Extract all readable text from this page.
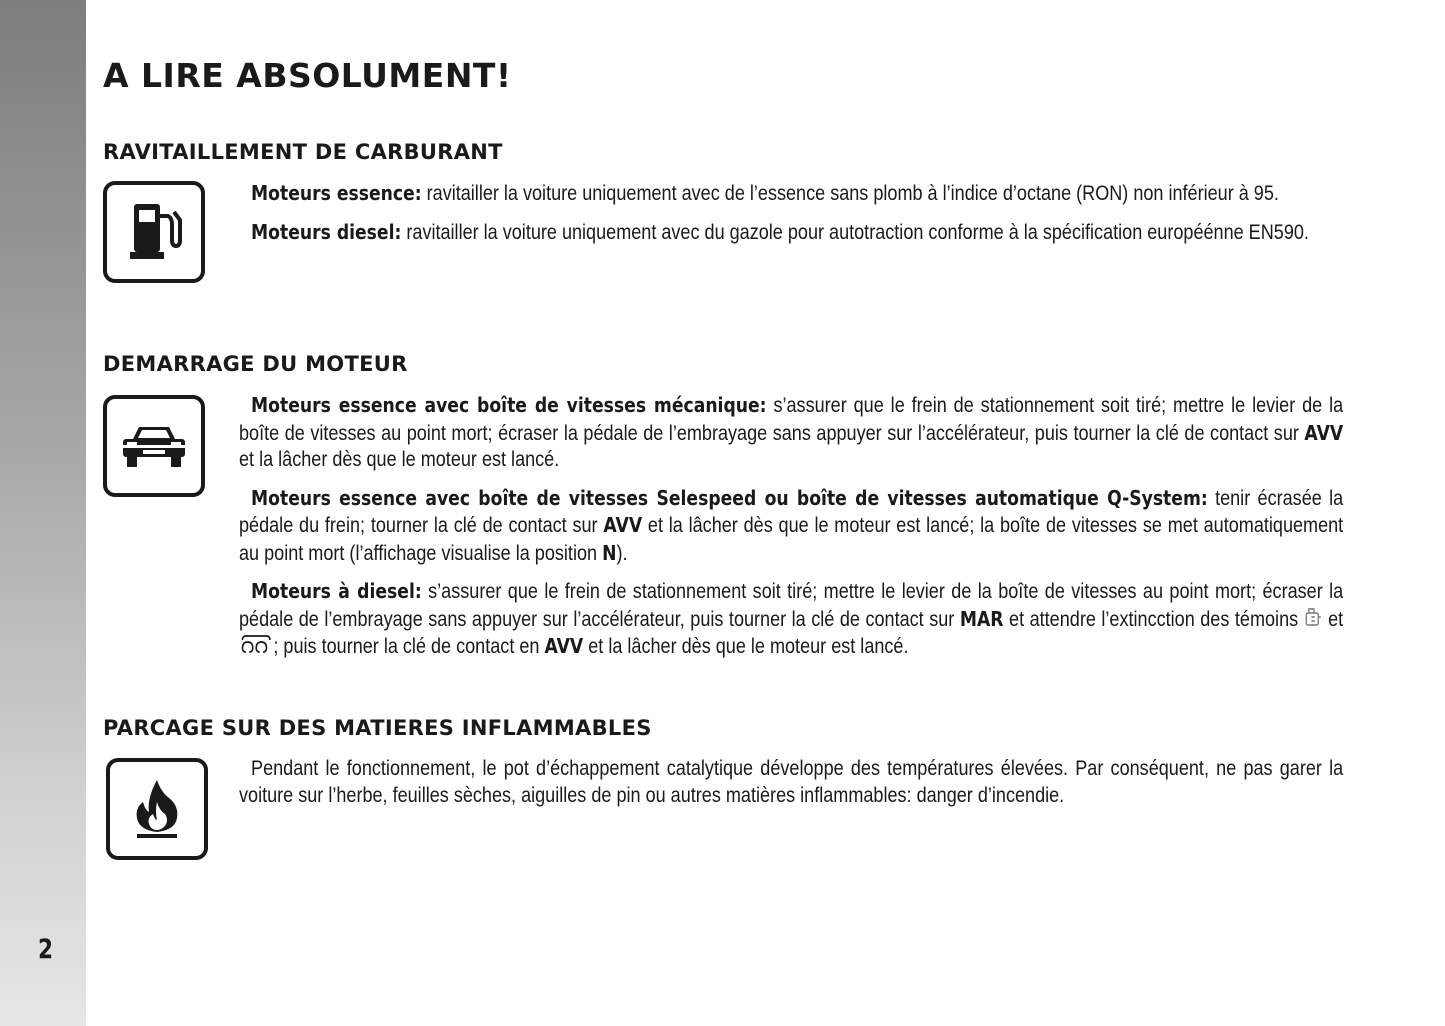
2
A LIRE ABSOLUMENT!
RAVITAILLEMENT DE CARBURANT

Moteurs essence: ravitailler la voiture uniquement avec de l’essence sans plomb à l’indice d’octane (RON) non inférieur à 95.

Moteurs diesel: ravitailler la voiture uniquement avec du gazole pour autotraction conforme à la spécification européénne EN590.

DEMARRAGE DU MOTEUR

Moteurs essence avec boîte de vitesses mécanique: s’assurer que le frein de stationnement soit tiré; mettre le levier de la boîte de vitesses au point mort; écraser la pédale de l’embrayage sans appuyer sur l’accélérateur, puis tourner la clé de contact sur AVV et la lâcher dès que le moteur est lancé.

Moteurs essence avec boîte de vitesses Selespeed ou boîte de vitesses automatique Q-System: tenir écrasée la pédale du frein; tourner la clé de contact sur AVV et la lâcher dès que le moteur est lancé; la boîte de vitesses se met automatiquement au point mort (l’affichage visualise la position N).

Moteurs à diesel: s’assurer que le frein de stationnement soit tiré; mettre le levier de la boîte de vitesses au point mort; écraser la pédale de l’embrayage sans appuyer sur l’accélérateur, puis tourner la clé de contact sur MAR et attendre l’extincction des témoins  et ; puis tourner la clé de contact en AVV et la lâcher dès que le moteur est lancé.

PARCAGE SUR DES MATIERES INFLAMMABLES

Pendant le fonctionnement, le pot d’échappement catalytique développe des températures élevées. Par conséquent, ne pas garer la voiture sur l’herbe, feuilles sèches, aiguilles de pin ou autres matières inflammables: danger d’incendie.
